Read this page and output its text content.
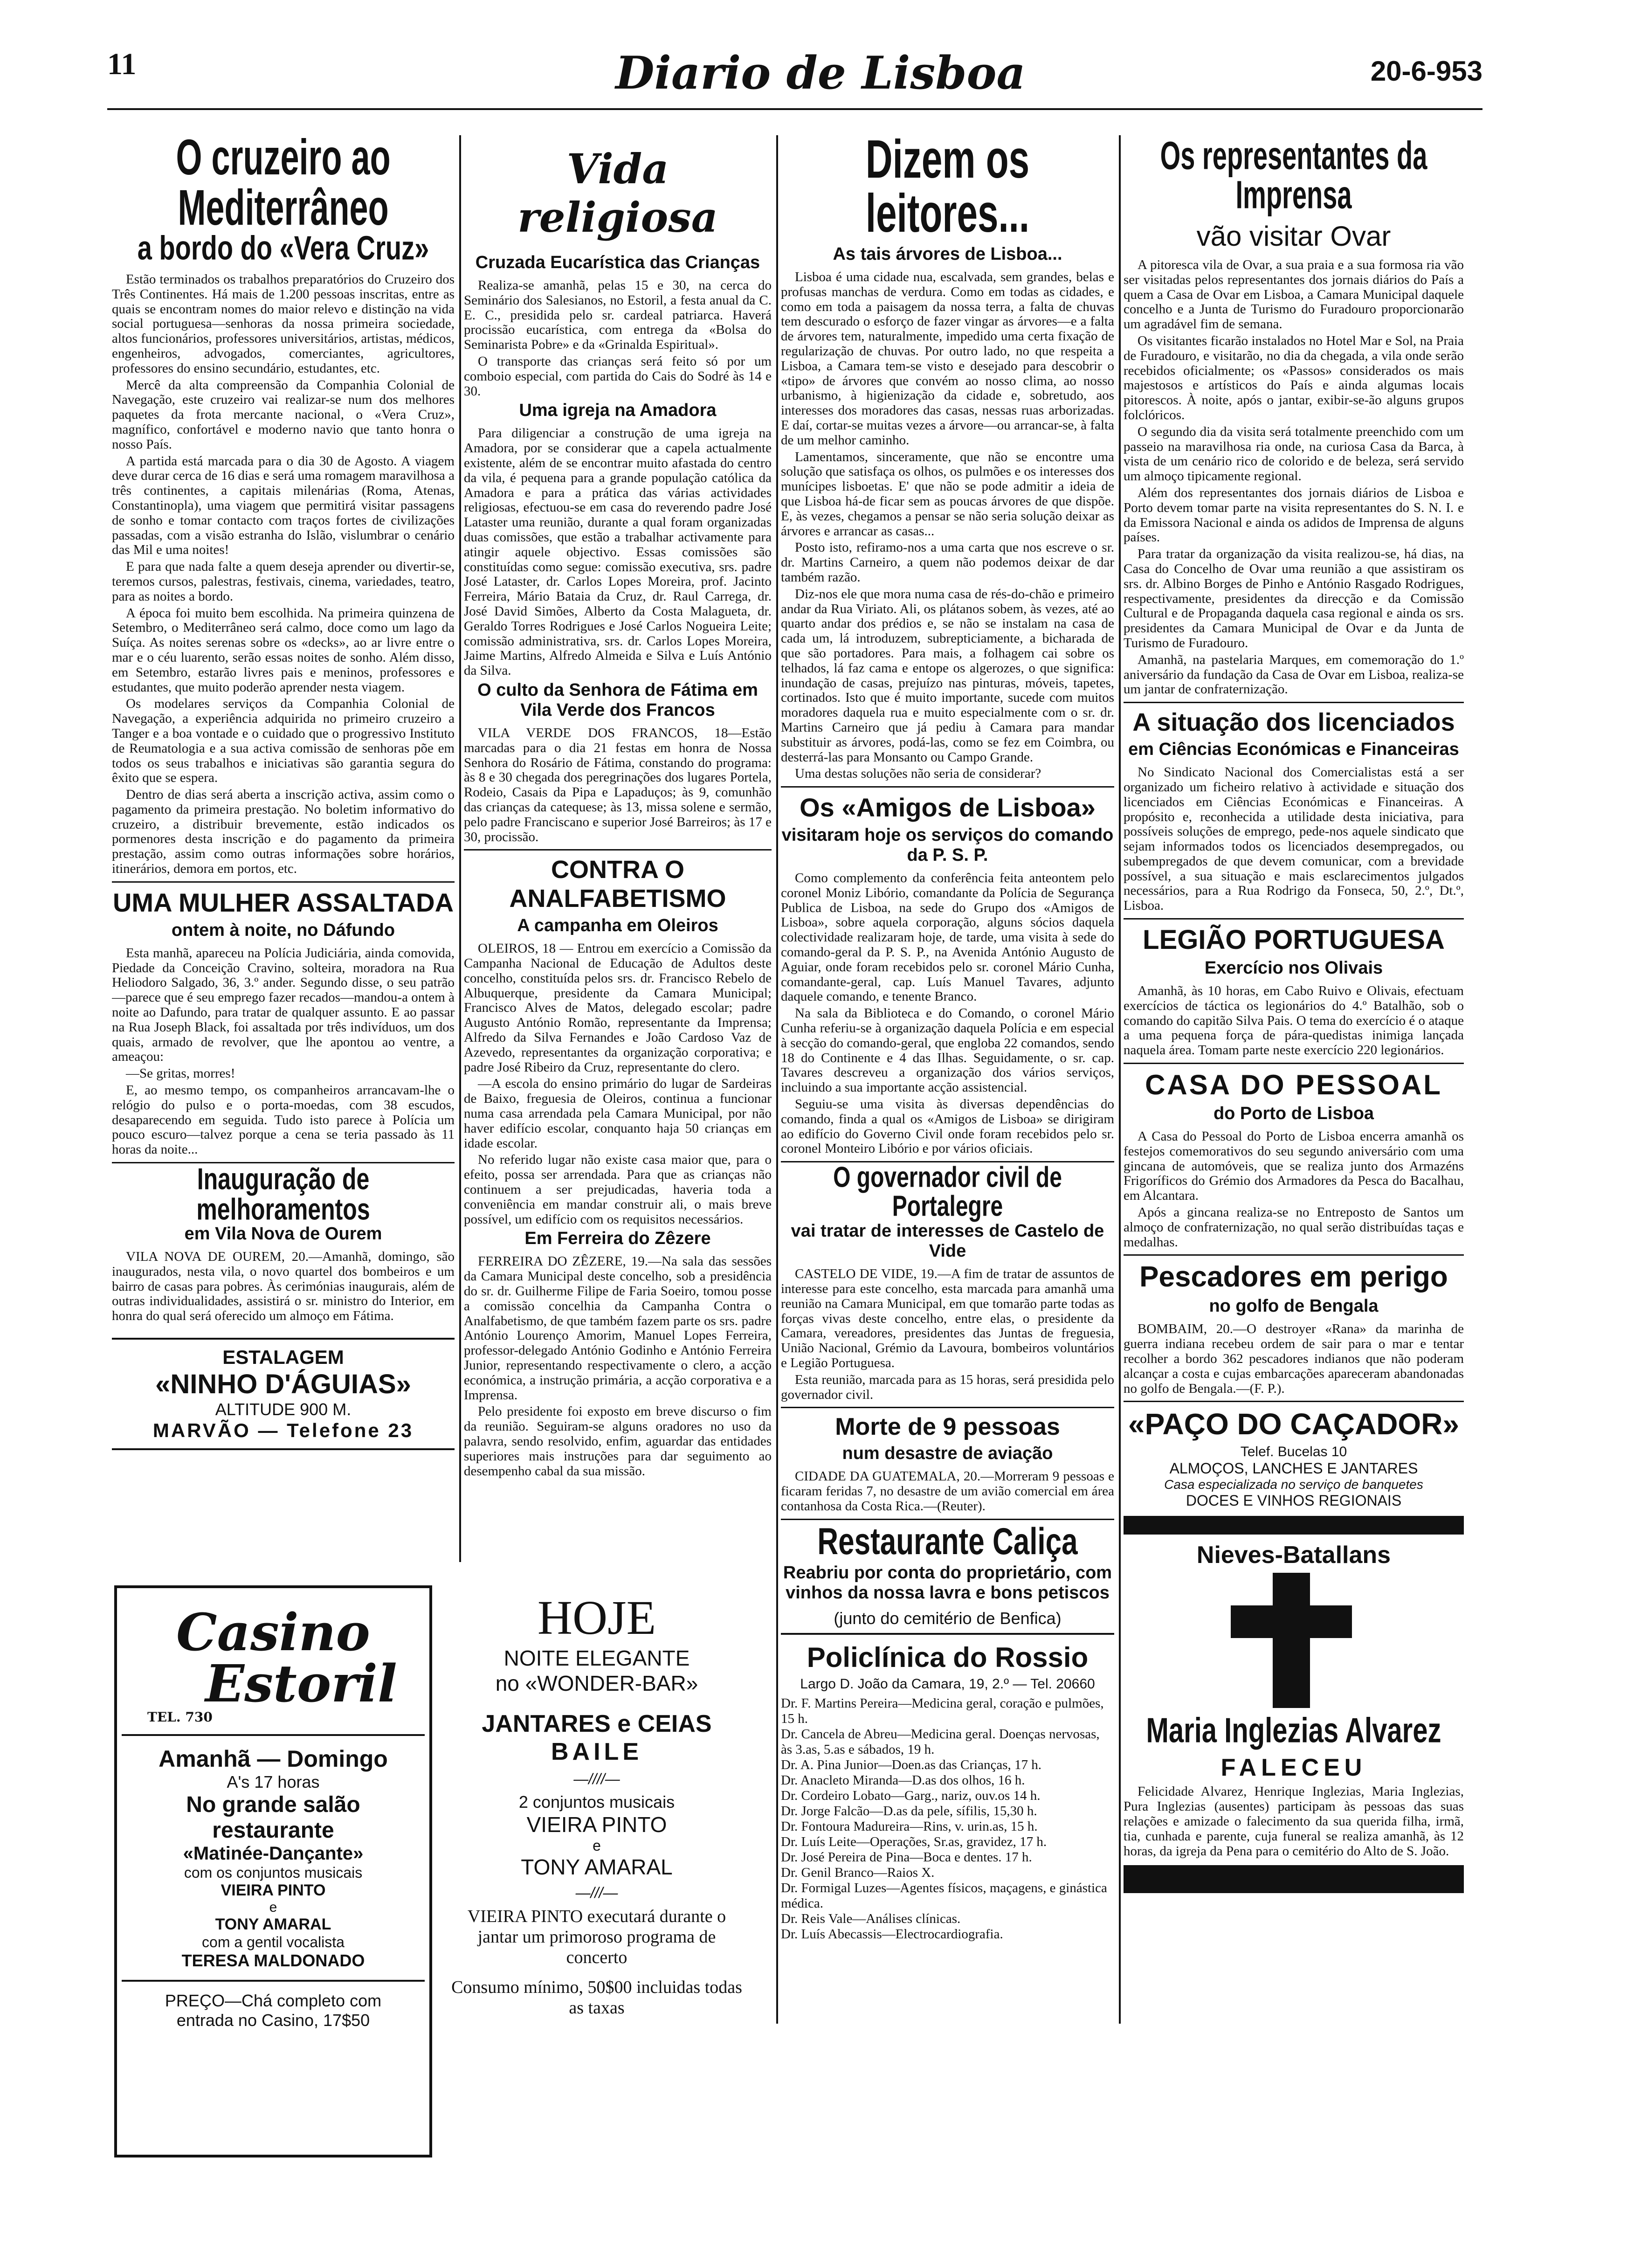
11	Diario de Lisboa	20-6-953
O cruzeiro ao Mediterrâneo
a bordo do «Vera Cruz»

Estão terminados os trabalhos preparatórios do Cruzeiro dos Três Continentes. Há mais de 1.200 pessoas inscritas, entre as quais se encontram nomes do maior relevo e distinção na vida social portuguesa—senhoras da nossa primeira sociedade, altos funcionários, professores universitários, artistas, médicos, engenheiros, advogados, comerciantes, agricultores, professores do ensino secundário, estudantes, etc.

Mercê da alta compreensão da Companhia Colonial de Navegação, este cruzeiro vai realizar-se num dos melhores paquetes da frota mercante nacional, o «Vera Cruz», magnífico, confortável e moderno navio que tanto honra o nosso País.

A partida está marcada para o dia 30 de Agosto. A viagem deve durar cerca de 16 dias e será uma romagem maravilhosa a três continentes, a capitais milenárias (Roma, Atenas, Constantinopla), uma viagem que permitirá visitar passagens de sonho e tomar contacto com traços fortes de civilizações passadas, com a visão estranha do Islão, vislumbrar o cenário das Mil e uma noites!

E para que nada falte a quem deseja aprender ou divertir-se, teremos cursos, palestras, festivais, cinema, variedades, teatro, para as noites a bordo.

A época foi muito bem escolhida. Na primeira quinzena de Setembro, o Mediterrâneo será calmo, doce como um lago da Suíça. As noites serenas sobre os «decks», ao ar livre entre o mar e o céu luarento, serão essas noites de sonho. Além disso, em Setembro, estarão livres pais e meninos, professores e estudantes, que muito poderão aprender nesta viagem.

Os modelares serviços da Companhia Colonial de Navegação, a experiência adquirida no primeiro cruzeiro a Tanger e a boa vontade e o cuidado que o progressivo Instituto de Reumatologia e a sua activa comissão de senhoras põe em todos os seus trabalhos e iniciativas são garantia segura do êxito que se espera.

Dentro de dias será aberta a inscrição activa, assim como o pagamento da primeira prestação. No boletim informativo do cruzeiro, a distribuir brevemente, estão indicados os pormenores desta inscrição e do pagamento da primeira prestação, assim como outras informações sobre horários, itinerários, demora em portos, etc.

UMA MULHER ASSALTADA
ontem à noite, no Dáfundo

Esta manhã, apareceu na Polícia Judiciária, ainda comovida, Piedade da Conceição Cravino, solteira, moradora na Rua Heliodoro Salgado, 36, 3.º ander. Segundo disse, o seu patrão—parece que é seu emprego fazer recados—mandou-a ontem à noite ao Dafundo, para tratar de qualquer assunto. E ao passar na Rua Joseph Black, foi assaltada por três indivíduos, um dos quais, armado de revolver, que lhe apontou ao ventre, a ameaçou:

—Se gritas, morres!

E, ao mesmo tempo, os companheiros arrancavam-lhe o relógio do pulso e o porta-moedas, com 38 escudos, desaparecendo em seguida. Tudo isto parece à Polícia um pouco escuro—talvez porque a cena se teria passado às 11 horas da noite...

Inauguração de melhoramentos
em Vila Nova de Ourem

VILA NOVA DE OUREM, 20.—Amanhã, domingo, são inaugurados, nesta vila, o novo quartel dos bombeiros e um bairro de casas para pobres. Às cerimónias inaugurais, além de outras individualidades, assistirá o sr. ministro do Interior, em honra do qual será oferecido um almoço em Fátima.

ESTALAGEM
«NINHO D'ÁGUIAS»
ALTITUDE 900 M.
MARVÃO — Telefone 23
Vida religiosa
Cruzada Eucarística das Crianças

Realiza-se amanhã, pelas 15 e 30, na cerca do Seminário dos Salesianos, no Estoril, a festa anual da C. E. C., presidida pelo sr. cardeal patriarca. Haverá procissão eucarística, com entrega da «Bolsa do Seminarista Pobre» e da «Grinalda Espiritual».

O transporte das crianças será feito só por um comboio especial, com partida do Cais do Sodré às 14 e 30.

Uma igreja na Amadora

Para diligenciar a construção de uma igreja na Amadora, por se considerar que a capela actualmente existente, além de se encontrar muito afastada do centro da vila, é pequena para a grande população católica da Amadora e para a prática das várias actividades religiosas, efectuou-se em casa do reverendo padre José Lataster uma reunião, durante a qual foram organizadas duas comissões, que estão a trabalhar activamente para atingir aquele objectivo. Essas comissões são constituídas como segue: comissão executiva, srs. padre José Lataster, dr. Carlos Lopes Moreira, prof. Jacinto Ferreira, Mário Bataia da Cruz, dr. Raul Carrega, dr. José David Simões, Alberto da Costa Malagueta, dr. Geraldo Torres Rodrigues e José Carlos Nogueira Leite; comissão administrativa, srs. dr. Carlos Lopes Moreira, Jaime Martins, Alfredo Almeida e Silva e Luís António da Silva.

O culto da Senhora de Fátima em Vila Verde dos Francos

VILA VERDE DOS FRANCOS, 18—Estão marcadas para o dia 21 festas em honra de Nossa Senhora do Rosário de Fátima, constando do programa: às 8 e 30 chegada dos peregrinações dos lugares Portela, Rodeio, Casais da Pipa e Lapaduços; às 9, comunhão das crianças da catequese; às 13, missa solene e sermão, pelo padre Franciscano e superior José Barreiros; às 17 e 30, procissão.

CONTRA O ANALFABETISMO
A campanha em Oleiros

OLEIROS, 18 — Entrou em exercício a Comissão da Campanha Nacional de Educação de Adultos deste concelho, constituída pelos srs. dr. Francisco Rebelo de Albuquerque, presidente da Camara Municipal; Francisco Alves de Matos, delegado escolar; padre Augusto António Romão, representante da Imprensa; Alfredo da Silva Fernandes e João Cardoso Vaz de Azevedo, representantes da organização corporativa; e padre José Ribeiro da Cruz, representante do clero.

—A escola do ensino primário do lugar de Sardeiras de Baixo, freguesia de Oleiros, continua a funcionar numa casa arrendada pela Camara Municipal, por não haver edifício escolar, conquanto haja 50 crianças em idade escolar.

No referido lugar não existe casa maior que, para o efeito, possa ser arrendada. Para que as crianças não continuem a ser prejudicadas, haveria toda a conveniência em mandar construir ali, o mais breve possível, um edifício com os requisitos necessários.

Em Ferreira do Zêzere

FERREIRA DO ZÊZERE, 19.—Na sala das sessões da Camara Municipal deste concelho, sob a presidência do sr. dr. Guilherme Filipe de Faria Soeiro, tomou posse a comissão concelhia da Campanha Contra o Analfabetismo, de que também fazem parte os srs. padre António Lourenço Amorim, Manuel Lopes Ferreira, professor-delegado António Godinho e António Ferreira Junior, representando respectivamente o clero, a acção económica, a instrução primária, a acção corporativa e a Imprensa.

Pelo presidente foi exposto em breve discurso o fim da reunião. Seguiram-se alguns oradores no uso da palavra, sendo resolvido, enfim, aguardar das entidades superiores mais instruções para dar seguimento ao desempenho cabal da sua missão.

Dizem os leitores...
As tais árvores de Lisboa...

Lisboa é uma cidade nua, escalvada, sem grandes, belas e profusas manchas de verdura. Como em todas as cidades, e como em toda a paisagem da nossa terra, a falta de chuvas tem descurado o esforço de fazer vingar as árvores—e a falta de árvores tem, naturalmente, impedido uma certa fixação de regularização de chuvas. Por outro lado, no que respeita a Lisboa, a Camara tem-se visto e desejado para descobrir o «tipo» de árvores que convém ao nosso clima, ao nosso urbanismo, à higienização da cidade e, sobretudo, aos interesses dos moradores das casas, nessas ruas arborizadas. E daí, cortar-se muitas vezes a árvore—ou arrancar-se, à falta de um melhor caminho.

Lamentamos, sinceramente, que não se encontre uma solução que satisfaça os olhos, os pulmões e os interesses dos munícipes lisboetas. E' que não se pode admitir a ideia de que Lisboa há-de ficar sem as poucas árvores de que dispõe. E, às vezes, chegamos a pensar se não seria solução deixar as árvores e arrancar as casas...

Posto isto, refiramo-nos a uma carta que nos escreve o sr. dr. Martins Carneiro, a quem não podemos deixar de dar também razão.

Diz-nos ele que mora numa casa de rés-do-chão e primeiro andar da Rua Viriato. Ali, os plátanos sobem, às vezes, até ao quarto andar dos prédios e, se não se instalam na casa de cada um, lá introduzem, subrepticiamente, a bicharada de que são portadores. Para mais, a folhagem cai sobre os telhados, lá faz cama e entope os algerozes, o que significa: inundação de casas, prejuízo nas pinturas, móveis, tapetes, cortinados. Isto que é muito importante, sucede com muitos moradores daquela rua e muito especialmente com o sr. dr. Martins Carneiro que já pediu à Camara para mandar substituir as árvores, podá-las, como se fez em Coimbra, ou desterrá-las para Monsanto ou Campo Grande.

Uma destas soluções não seria de considerar?

Os «Amigos de Lisboa»
visitaram hoje os serviços do comando da P. S. P.

Como complemento da conferência feita anteontem pelo coronel Moniz Libório, comandante da Polícia de Segurança Publica de Lisboa, na sede do Grupo dos «Amigos de Lisboa», sobre aquela corporação, alguns sócios daquela colectividade realizaram hoje, de tarde, uma visita à sede do comando-geral da P. S. P., na Avenida António Augusto de Aguiar, onde foram recebidos pelo sr. coronel Mário Cunha, comandante-geral, cap. Luís Manuel Tavares, adjunto daquele comando, e tenente Branco.

Na sala da Biblioteca e do Comando, o coronel Mário Cunha referiu-se à organização daquela Polícia e em especial à secção do comando-geral, que engloba 22 comandos, sendo 18 do Continente e 4 das Ilhas. Seguidamente, o sr. cap. Tavares descreveu a organização dos vários serviços, incluindo a sua importante acção assistencial.

Seguiu-se uma visita às diversas dependências do comando, finda a qual os «Amigos de Lisboa» se dirigiram ao edifício do Governo Civil onde foram recebidos pelo sr. coronel Monteiro Libório e por vários oficiais.

O governador civil de Portalegre
vai tratar de interesses de Castelo de Vide

CASTELO DE VIDE, 19.—A fim de tratar de assuntos de interesse para este concelho, esta marcada para amanhã uma reunião na Camara Municipal, em que tomarão parte todas as forças vivas deste concelho, entre elas, o presidente da Camara, vereadores, presidentes das Juntas de freguesia, União Nacional, Grémio da Lavoura, bombeiros voluntários e Legião Portuguesa.

Esta reunião, marcada para as 15 horas, será presidida pelo governador civil.

Morte de 9 pessoas
num desastre de aviação

CIDADE DA GUATEMALA, 20.—Morreram 9 pessoas e ficaram feridas 7, no desastre de um avião comercial em área contanhosa da Costa Rica.—(Reuter).

Restaurante Caliça
Reabriu por conta do proprietário, com vinhos da nossa lavra e bons petiscos
(junto do cemitério de Benfica)
Policlínica do Rossio
Largo D. João da Camara, 19, 2.º — Tel. 20660
Dr. F. Martins Pereira—Medicina geral, coração e pulmões, 15 h.
Dr. Cancela de Abreu—Medicina geral. Doenças nervosas, às 3.as, 5.as e sábados, 19 h.
Dr. A. Pina Junior—Doen.as das Crianças, 17 h.
Dr. Anacleto Miranda—D.as dos olhos, 16 h.
Dr. Cordeiro Lobato—Garg., nariz, ouv.os 14 h.
Dr. Jorge Falcão—D.as da pele, sífilis, 15,30 h.
Dr. Fontoura Madureira—Rins, v. urin.as, 15 h.
Dr. Luís Leite—Operações, Sr.as, gravidez, 17 h.
Dr. José Pereira de Pina—Boca e dentes. 17 h.
Dr. Genil Branco—Raios X.
Dr. Formigal Luzes—Agentes físicos, maçagens, e ginástica médica.
Dr. Reis Vale—Análises clínicas.
Dr. Luís Abecassis—Electrocardiografia.
Os representantes da Imprensa
vão visitar Ovar

A pitoresca vila de Ovar, a sua praia e a sua formosa ria vão ser visitadas pelos representantes dos jornais diários do País a quem a Casa de Ovar em Lisboa, a Camara Municipal daquele concelho e a Junta de Turismo do Furadouro proporcionarão um agradável fim de semana.

Os visitantes ficarão instalados no Hotel Mar e Sol, na Praia de Furadouro, e visitarão, no dia da chegada, a vila onde serão recebidos oficialmente; os «Passos» considerados os mais majestosos e artísticos do País e ainda algumas locais pitorescos. À noite, após o jantar, exibir-se-ão alguns grupos folclóricos.

O segundo dia da visita será totalmente preenchido com um passeio na maravilhosa ria onde, na curiosa Casa da Barca, à vista de um cenário rico de colorido e de beleza, será servido um almoço tipicamente regional.

Além dos representantes dos jornais diários de Lisboa e Porto devem tomar parte na visita representantes do S. N. I. e da Emissora Nacional e ainda os adidos de Imprensa de alguns países.

Para tratar da organização da visita realizou-se, há dias, na Casa do Concelho de Ovar uma reunião a que assistiram os srs. dr. Albino Borges de Pinho e António Rasgado Rodrigues, respectivamente, presidentes da direcção e da Comissão Cultural e de Propaganda daquela casa regional e ainda os srs. presidentes da Camara Municipal de Ovar e da Junta de Turismo de Furadouro.

Amanhã, na pastelaria Marques, em comemoração do 1.º aniversário da fundação da Casa de Ovar em Lisboa, realiza-se um jantar de confraternização.

A situação dos licenciados
em Ciências Económicas e Financeiras

No Sindicato Nacional dos Comercialistas está a ser organizado um ficheiro relativo à actividade e situação dos licenciados em Ciências Económicas e Financeiras. A propósito e, reconhecida a utilidade desta iniciativa, para possíveis soluções de emprego, pede-nos aquele sindicato que sejam informados todos os licenciados desempregados, ou subempregados de que devem comunicar, com a brevidade possível, a sua situação e mais esclarecimentos julgados necessários, para a Rua Rodrigo da Fonseca, 50, 2.º, Dt.º, Lisboa.

LEGIÃO PORTUGUESA
Exercício nos Olivais

Amanhã, às 10 horas, em Cabo Ruivo e Olivais, efectuam exercícios de táctica os legionários do 4.º Batalhão, sob o comando do capitão Silva Pais. O tema do exercício é o ataque a uma pequena força de pára-quedistas inimiga lançada naquela área. Tomam parte neste exercício 220 legionários.

CASA DO PESSOAL
do Porto de Lisboa

A Casa do Pessoal do Porto de Lisboa encerra amanhã os festejos comemorativos do seu segundo aniversário com uma gincana de automóveis, que se realiza junto dos Armazéns Frigoríficos do Grémio dos Armadores da Pesca do Bacalhau, em Alcantara.

Após a gincana realiza-se no Entreposto de Santos um almoço de confraternização, no qual serão distribuídas taças e medalhas.

Pescadores em perigo
no golfo de Bengala

BOMBAIM, 20.—O destroyer «Rana» da marinha de guerra indiana recebeu ordem de sair para o mar e tentar recolher a bordo 362 pescadores indianos que não poderam alcançar a costa e cujas embarcações apareceram abandonadas no golfo de Bengala.—(F. P.).

«PAÇO DO CAÇADOR»
Telef. Bucelas 10
ALMOÇOS, LANCHES E JANTARES
Casa especializada no serviço de banquetes
DOCES E VINHOS REGIONAIS
Nieves-Batallans
Maria Inglezias Alvarez
FALECEU

Felicidade Alvarez, Henrique Inglezias, Maria Inglezias, Pura Inglezias (ausentes) participam às pessoas das suas relações e amizade o falecimento da sua querida filha, irmã, tia, cunhada e parente, cuja funeral se realiza amanhã, às 12 horas, da igreja da Pena para o cemitério do Alto de S. João.

Casino
Estoril
TEL. 730
Amanhã — Domingo
A's 17 horas
No grande salão restaurante
«Matinée-Dançante»
com os conjuntos musicais
VIEIRA PINTO
e
TONY AMARAL
com a gentil vocalista
TERESA MALDONADO
PREÇO—Chá completo com entrada no Casino, 17$50
HOJE
NOITE ELEGANTE
no «WONDER-BAR»
JANTARES e CEIAS
BAILE
—////—
2 conjuntos musicais
VIEIRA PINTO
e
TONY AMARAL
—///—
VIEIRA PINTO executará durante o jantar um primoroso programa de concerto
Consumo mínimo, 50$00 incluidas todas as taxas
